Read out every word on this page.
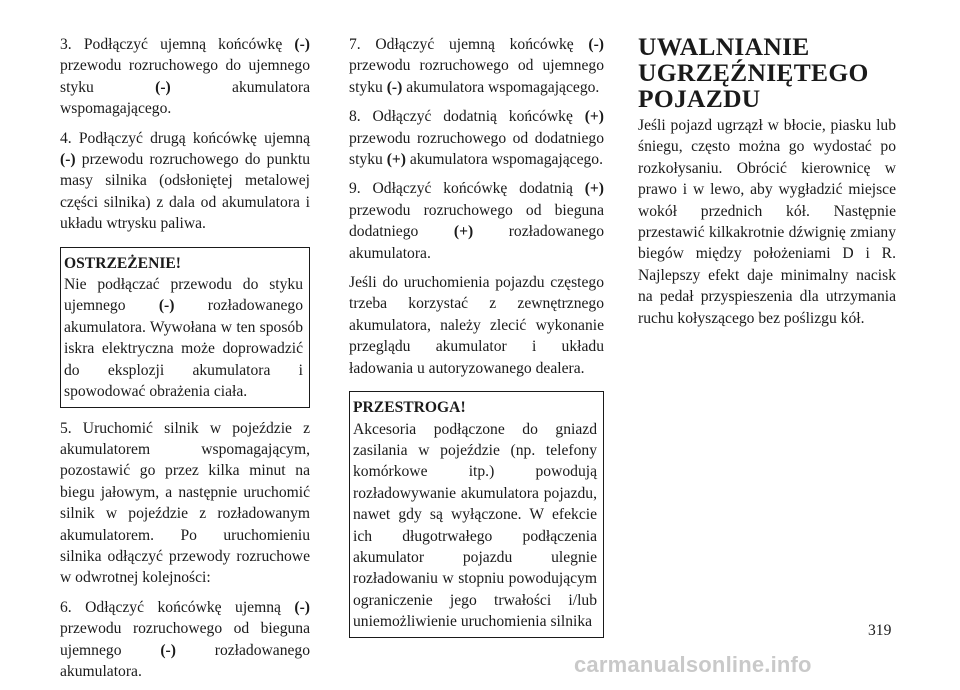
3. Podłączyć ujemną końcówkę (-) przewodu rozruchowego do ujemnego styku (-) akumulatora wspomagającego.

4. Podłączyć drugą końcówkę ujemną (-) przewodu rozruchowego do punktu masy silnika (odsłoniętej metalowej części silnika) z dala od akumulatora i układu wtrysku paliwa.

OSTRZEŻENIE!
Nie podłączać przewodu do styku ujemnego (-) rozładowanego akumulatora. Wywołana w ten sposób iskra elektryczna może doprowadzić do eksplozji akumulatora i spowodować obrażenia ciała.

5. Uruchomić silnik w pojeździe z akumulatorem wspomagającym, pozostawić go przez kilka minut na biegu jałowym, a następnie uruchomić silnik w pojeździe z rozładowanym akumulatorem. Po uruchomieniu silnika odłączyć przewody rozruchowe w odwrotnej kolejności:

6. Odłączyć końcówkę ujemną (-) przewodu rozruchowego od bieguna ujemnego (-) rozładowanego akumulatora.

7. Odłączyć ujemną końcówkę (-) przewodu rozruchowego od ujemnego styku (-) akumulatora wspomagającego.

8. Odłączyć dodatnią końcówkę (+) przewodu rozruchowego od dodatniego styku (+) akumulatora wspomagającego.

9. Odłączyć końcówkę dodatnią (+) przewodu rozruchowego od bieguna dodatniego (+) rozładowanego akumulatora.

Jeśli do uruchomienia pojazdu częstego trzeba korzystać z zewnętrznego akumulatora, należy zlecić wykonanie przeglądu akumulator i układu ładowania u autoryzowanego dealera.

PRZESTROGA!
Akcesoria podłączone do gniazd zasilania w pojeździe (np. telefony komórkowe itp.) powodują rozładowywanie akumulatora pojazdu, nawet gdy są wyłączone. W efekcie ich długotrwałego podłączenia akumulator pojazdu ulegnie rozładowaniu w stopniu powodującym ograniczenie jego trwałości i/lub uniemożliwienie uruchomienia silnika
UWALNIANIE UGRZĘŹNIĘTEGO POJAZDU

Jeśli pojazd ugrzązł w błocie, piasku lub śniegu, często można go wydostać po rozkołysaniu. Obrócić kierownicę w prawo i w lewo, aby wygładzić miejsce wokół przednich kół. Następnie przestawić kilkakrotnie dźwignię zmiany biegów między położeniami D i R. Najlepszy efekt daje minimalny nacisk na pedał przyspieszenia dla utrzymania ruchu kołyszącego bez poślizgu kół.

319
carmanualsonline.info
